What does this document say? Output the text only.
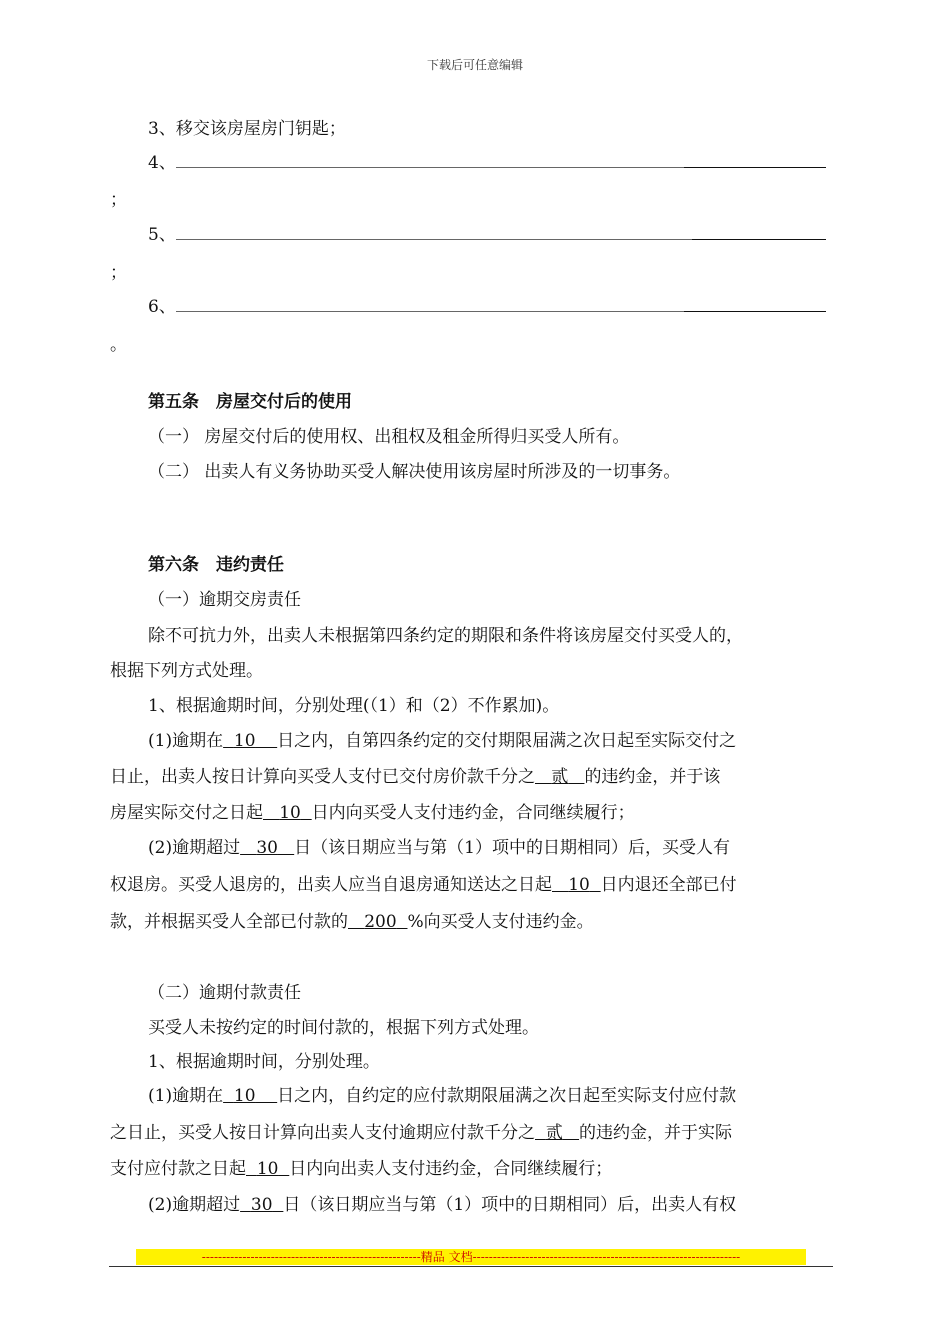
下载后可任意编辑
3、移交该房屋房门钥匙；
4、
；
5、
；
6、
。
第五条　房屋交付后的使用
（一） 房屋交付后的使用权、出租权及租金所得归买受人所有。
（二） 出卖人有义务协助买受人解决使用该房屋时所涉及的一切事务。
第六条　违约责任
（一）逾期交房责任
除不可抗力外，出卖人未根据第四条约定的期限和条件将该房屋交付买受人的，
根据下列方式处理。
1、根据逾期时间，分别处理(（1）和（2）不作累加)。
(1)逾期在 10 日之内，自第四条约定的交付期限届满之次日起至实际交付之
日止，出卖人按日计算向买受人支付已交付房价款千分之 贰 的违约金，并于该
房屋实际交付之日起 10 日内向买受人支付违约金，合同继续履行；
(2)逾期超过 30 日（该日期应当与第（1）项中的日期相同）后，买受人有
权退房。买受人退房的，出卖人应当自退房通知送达之日起 10 日内退还全部已付
款，并根据买受人全部已付款的 200 %向买受人支付违约金。
（二）逾期付款责任
买受人未按约定的时间付款的，根据下列方式处理。
1、根据逾期时间，分别处理。
(1)逾期在 10 日之内，自约定的应付款期限届满之次日起至实际支付应付款
之日止，买受人按日计算向出卖人支付逾期应付款千分之 贰 的违约金，并于实际
支付应付款之日起 10 日内向出卖人支付违约金，合同继续履行；
(2)逾期超过 30 日（该日期应当与第（1）项中的日期相同）后，出卖人有权
------------------------------------------------------精品 文档------------------------------------------------------------------
